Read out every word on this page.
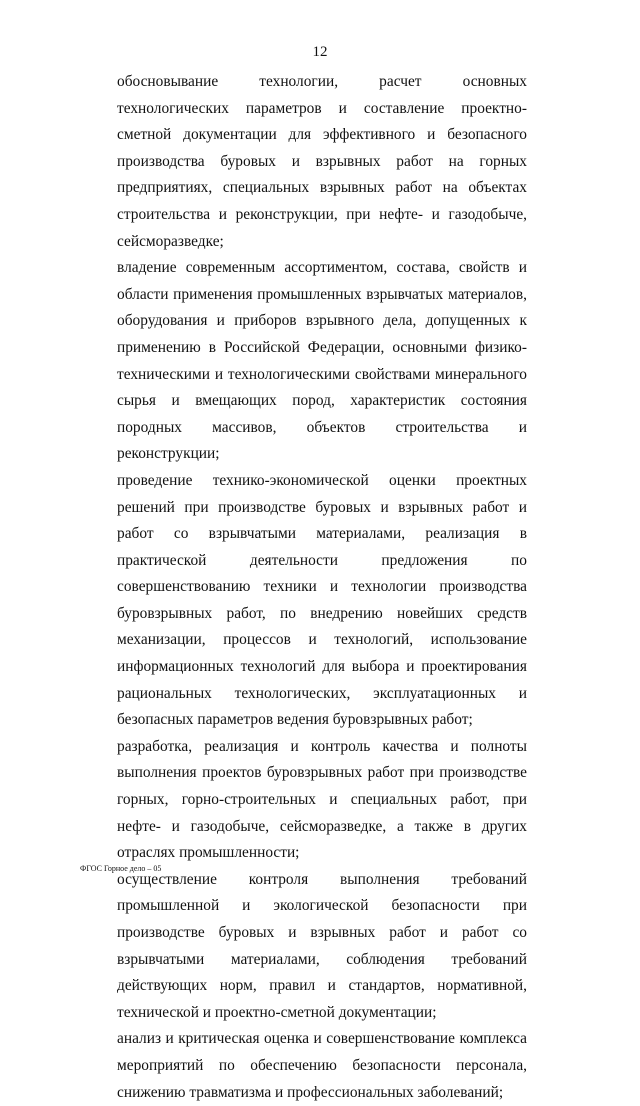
12

обосновывание технологии, расчет основных технологических параметров и составление проектно-сметной документации для эффективного и безопасного производства буровых и взрывных работ на горных предприятиях, специальных взрывных работ на объектах строительства и реконструкции, при нефте- и газодобыче, сейсморазведке;

владение современным ассортиментом, состава, свойств и области применения промышленных взрывчатых материалов, оборудования и приборов взрывного дела, допущенных к применению в Российской Федерации, основными физико-техническими и технологическими свойствами минерального сырья и вмещающих пород, характеристик состояния породных массивов, объектов строительства и реконструкции;

проведение технико-экономической оценки проектных решений при производстве буровых и взрывных работ и работ со взрывчатыми материалами, реализация в практической деятельности предложения по совершенствованию техники и технологии производства буровзрывных работ, по внедрению новейших средств механизации, процессов и технологий, использование информационных технологий для выбора и проектирования рациональных технологических, эксплуатационных и безопасных параметров ведения буровзрывных работ;

разработка, реализация и контроль качества и полноты выполнения проектов буровзрывных работ при производстве горных, горно-строительных и специальных работ, при нефте- и газодобыче, сейсморазведке, а также в других отраслях промышленности;

осуществление контроля выполнения требований промышленной и экологической безопасности при производстве буровых и взрывных работ и работ со взрывчатыми материалами, соблюдения требований действующих норм, правил и стандартов, нормативной, технической и проектно-сметной документации;

анализ и критическая оценка и совершенствование комплекса мероприятий по обеспечению безопасности персонала, снижению травматизма и профессиональных заболеваний;

ФГОС Горное дело – 05
